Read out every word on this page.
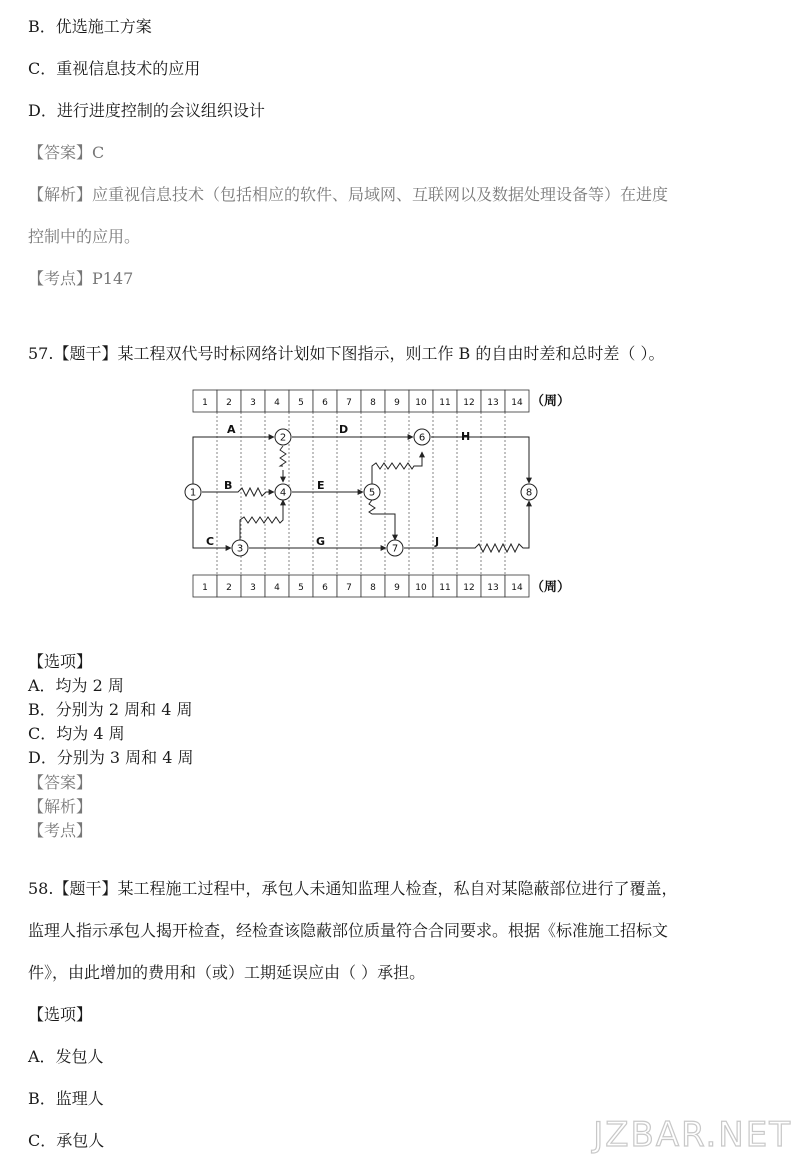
B．优选施工方案
C．重视信息技术的应用
D．进行进度控制的会议组织设计
【答案】C
【解析】应重视信息技术（包括相应的软件、局域网、互联网以及数据处理设备等）在进度
控制中的应用。
【考点】P147
57.【题干】某工程双代号时标网络计划如下图指示，则工作 B 的自由时差和总时差（ ）。
1 2 3 4 5 6 7 8 9 10 11 12 13 14
1 2 3 4 5 6 7 8 9 10 11 12 13 14
（周）
（周）
A
B
C
D
E
G
H
J
1
2
3
4	5
6
7
8
【选项】
A．均为 2 周
B．分别为 2 周和 4 周
C．均为 4 周
D．分别为 3 周和 4 周
【答案】
【解析】
【考点】
58.【题干】某工程施工过程中，承包人未通知监理人检查，私自对某隐蔽部位进行了覆盖，
监理人指示承包人揭开检查，经检查该隐蔽部位质量符合合同要求。根据《标准施工招标文
件》，由此增加的费用和（或）工期延误应由（ ）承担。
【选项】
A．发包人
B．监理人
C．承包人	JZBAR.NET
